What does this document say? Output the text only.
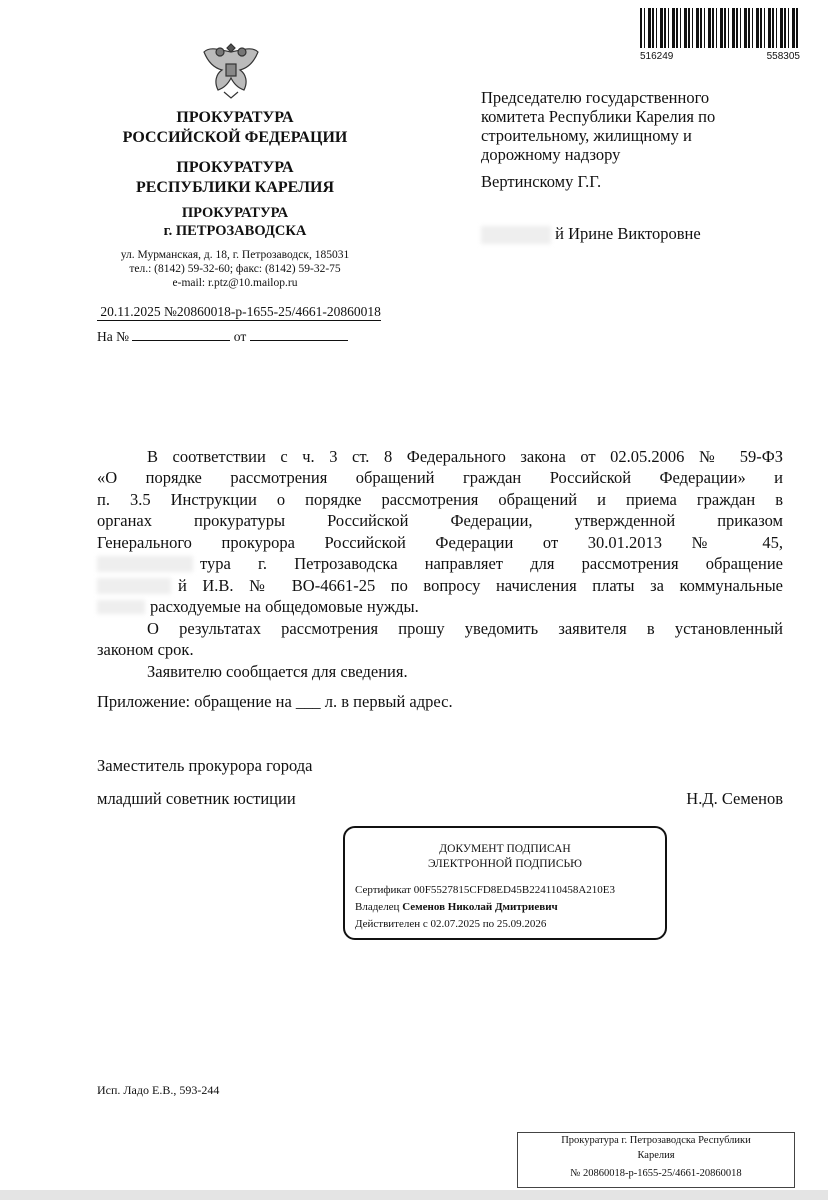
ПРОКУРАТУРА
РОССИЙСКОЙ ФЕДЕРАЦИИ
ПРОКУРАТУРА
РЕСПУБЛИКИ КАРЕЛИЯ
ПРОКУРАТУРА
г. ПЕТРОЗАВОДСКА
ул. Мурманская, д. 18, г. Петрозаводск, 185031
тел.: (8142) 59-32-60; факс: (8142) 59-32-75
e-mail: r.ptz@10.mailop.ru
20.11.2025 №20860018-р-1655-25/4661-20860018
На №	от
516249	558305
Председателю государственного
комитета Республики Карелия по
строительному, жилищному и
дорожному надзору
Вертинскому Г.Г.
й Ирине Викторовне
В соответствии с ч. 3 ст. 8 Федерального закона от 02.05.2006 № 59-ФЗ
«О порядке рассмотрения обращений граждан Российской Федерации» и
п. 3.5 Инструкции о порядке рассмотрения обращений и приема граждан в
органах прокуратуры Российской Федерации, утвержденной приказом
Генерального прокурора Российской Федерации от 30.01.2013 № 45,
тура г. Петрозаводска направляет для рассмотрения обращение
й И.В. № ВО-4661-25 по вопросу начисления платы за коммунальные
расходуемые на общедомовые нужды.
О результатах рассмотрения прошу уведомить заявителя в установленный
законом срок.
Заявителю сообщается для сведения.
Приложение: обращение на ___ л. в первый адрес.
Заместитель прокурора города
младший советник юстиции	Н.Д. Семенов
ДОКУМЕНТ ПОДПИСАН
ЭЛЕКТРОННОЙ ПОДПИСЬЮ
Сертификат 00F5527815CFD8ED45B224110458A210E3
Владелец Семенов Николай Дмитриевич
Действителен с 02.07.2025 по 25.09.2026
Исп. Ладо Е.В., 593-244
Прокуратура г. Петрозаводска Республики
Карелия
№ 20860018-р-1655-25/4661-20860018
